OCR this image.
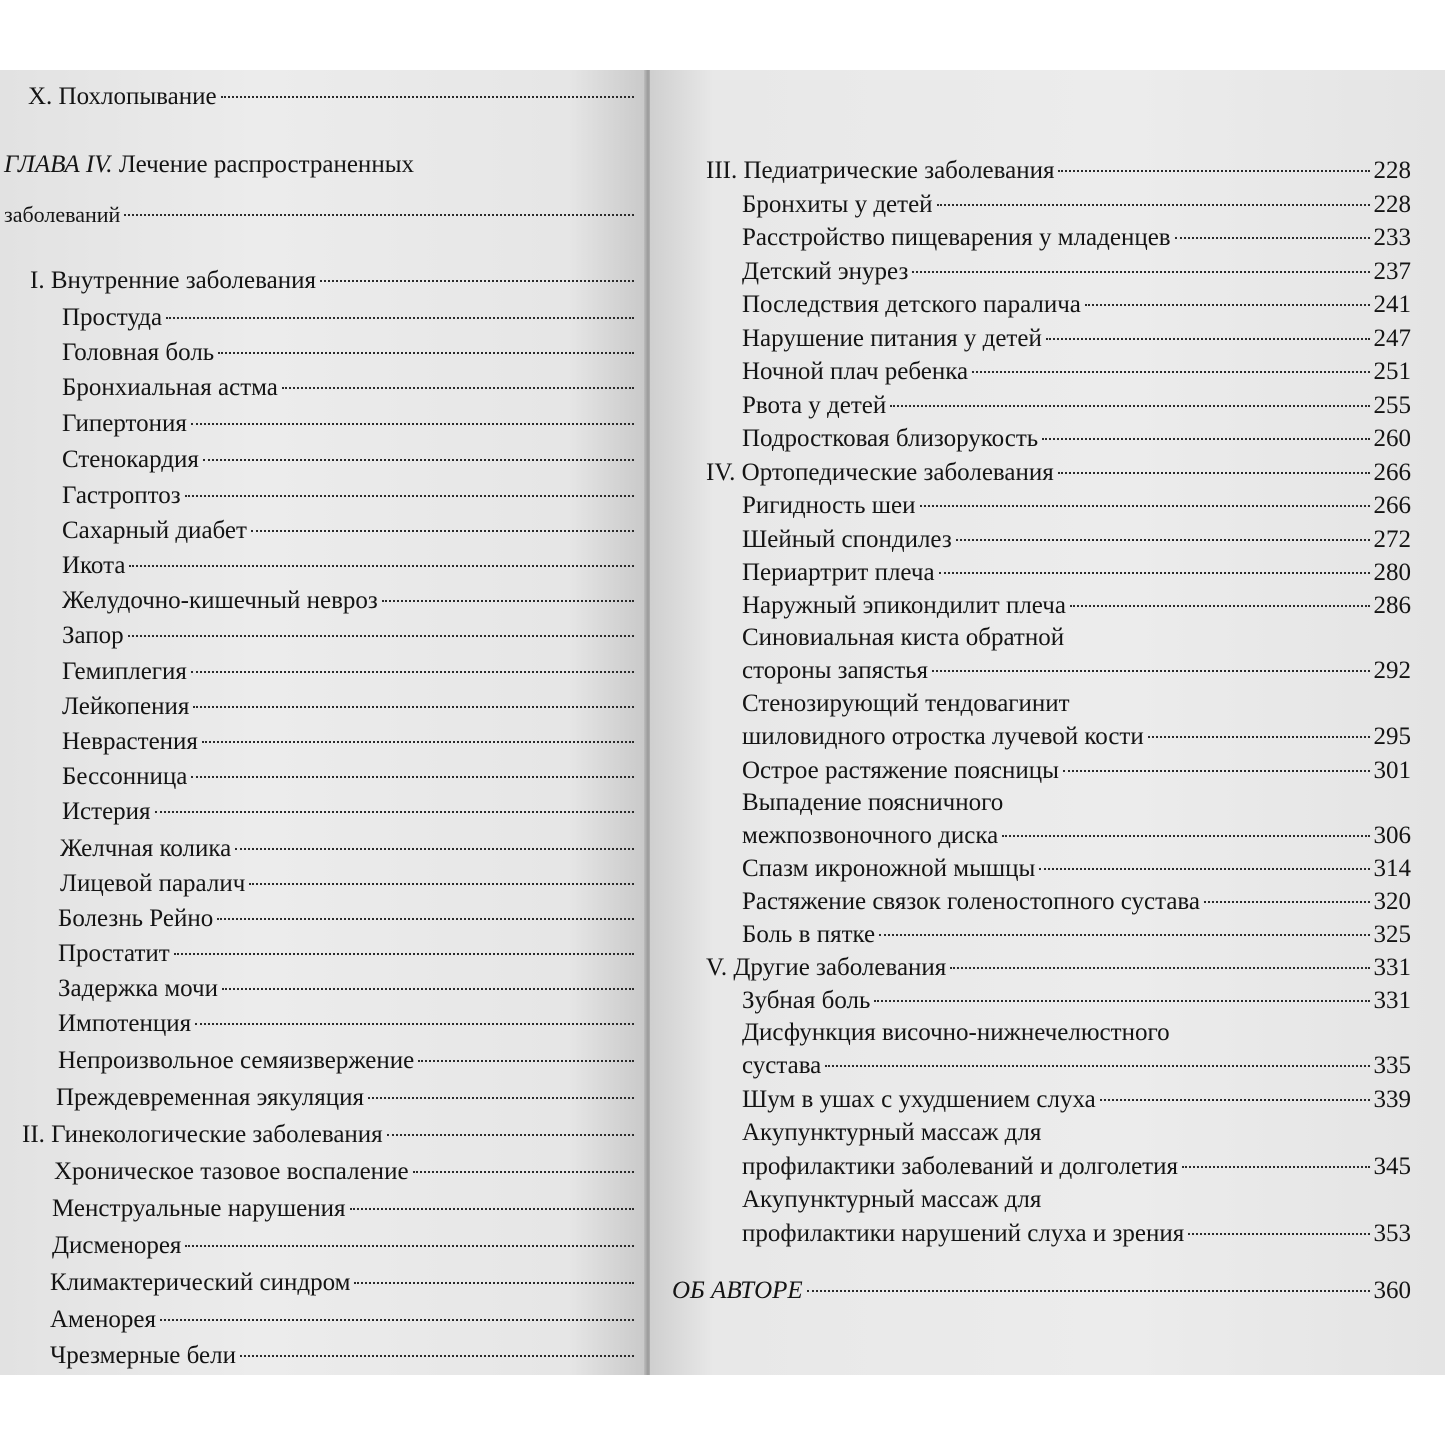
X. Похлопывание
ГЛАВА IV. Лечение распространенных
заболеваний
I. Внутренние заболевания
Простуда
Головная боль
Бронхиальная астма
Гипертония
Стенокардия
Гастроптоз
Сахарный диабет
Икота
Желудочно-кишечный невроз
Запор
Гемиплегия
Лейкопения
Неврастения
Бессонница
Истерия
Желчная колика
Лицевой паралич
Болезнь Рейно
Простатит
Задержка мочи
Импотенция
Непроизвольное семяизвержение
Преждевременная эякуляция
II. Гинекологические заболевания
Хроническое тазовое воспаление
Менструальные нарушения
Дисменорея
Климактерический синдром
Аменорея
Чрезмерные бели
III. Педиатрические заболевания	228
Бронхиты у детей	228
Расстройство пищеварения у младенцев	233
Детский энурез	237
Последствия детского паралича	241
Нарушение питания у детей	247
Ночной плач ребенка	251
Рвота у детей	255
Подростковая близорукость	260
IV. Ортопедические заболевания	266
Ригидность шеи	266
Шейный спондилез	272
Периартрит плеча	280
Наружный эпикондилит плеча	286
Синовиальная киста обратной
стороны запястья	292
Стенозирующий тендовагинит
шиловидного отростка лучевой кости	295
Острое растяжение поясницы	301
Выпадение поясничного
межпозвоночного диска	306
Спазм икроножной мышцы	314
Растяжение связок голеностопного сустава	320
Боль в пятке	325
V. Другие заболевания	331
Зубная боль	331
Дисфункция височно-нижнечелюстного
сустава	335
Шум в ушах с ухудшением слуха	339
Акупунктурный массаж для
профилактики заболеваний и долголетия	345
Акупунктурный массаж для
профилактики нарушений слуха и зрения	353
ОБ АВТОРЕ	360
